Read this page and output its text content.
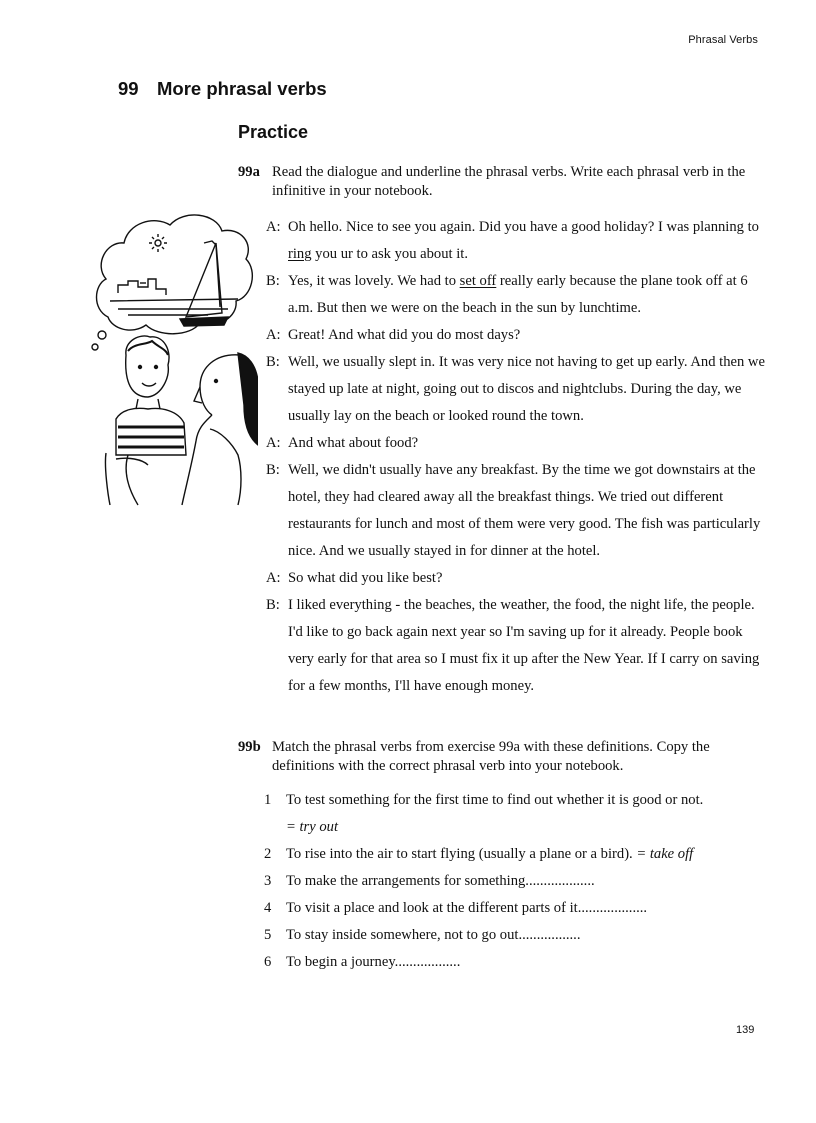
Phrasal Verbs
99 More phrasal verbs
Practice
99a Read the dialogue and underline the phrasal verbs. Write each phrasal verb in the infinitive in your notebook.
A: Oh hello. Nice to see you again. Did you have a good holiday? I was planning to ring you ur to ask you about it.
B: Yes, it was lovely. We had to set off really early because the plane took off at 6 a.m. But then we were on the beach in the sun by lunchtime.
A: Great! And what did you do most days?
B: Well, we usually slept in. It was very nice not having to get up early. And then we stayed up late at night, going out to discos and nightclubs. During the day, we usually lay on the beach or looked round the town.
A: And what about food?
B: Well, we didn't usually have any breakfast. By the time we got downstairs at the hotel, they had cleared away all the breakfast things. We tried out different restaurants for lunch and most of them were very good. The fish was particularly nice. And we usually stayed in for dinner at the hotel.
A: So what did you like best?
B: I liked everything - the beaches, the weather, the food, the night life, the people. I'd like to go back again next year so I'm saving up for it already. People book very early for that area so I must fix it up after the New Year. If I carry on saving for a few months, I'll have enough money.
99b Match the phrasal verbs from exercise 99a with these definitions. Copy the definitions with the correct phrasal verb into your notebook.
1	To test something for the first time to find out whether it is good or not.
= try out
2	To rise into the air to start flying (usually a plane or a bird). = take off
3	To make the arrangements for something...................
4	To visit a place and look at the different parts of it...................
5	To stay inside somewhere, not to go out.................
6	To begin a journey..................
139
